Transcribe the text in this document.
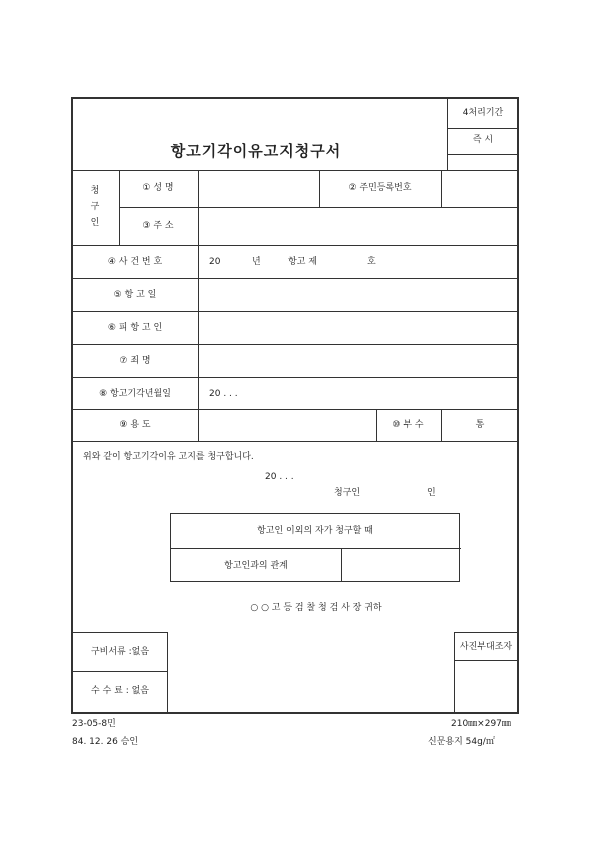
4처리기간
즉 시
항고기각이유고지청구서
청
구
인
① 성 명	② 주민등록번호
③ 주 소
④ 사 건 번 호	20	년	항고 제	호
⑤ 항 고 일
⑥ 피 항 고 인
⑦ 죄 명
⑧ 항고기각년월일	20 . . .
⑨ 용 도	⑩ 부 수	통
위와 같이 항고기각이유 고지를 청구합니다.
20 . . .
청구인	인
항고인 이외의 자가 청구할 때
항고인과의 관계
○ ○ 고 등 검 찰 청 검 사 장 귀하
구비서류 :없음
수 수 료 : 없음
사진부대조자
23-05-8민
84. 12. 26 승인
210㎜×297㎜
신문용지 54g/㎡
